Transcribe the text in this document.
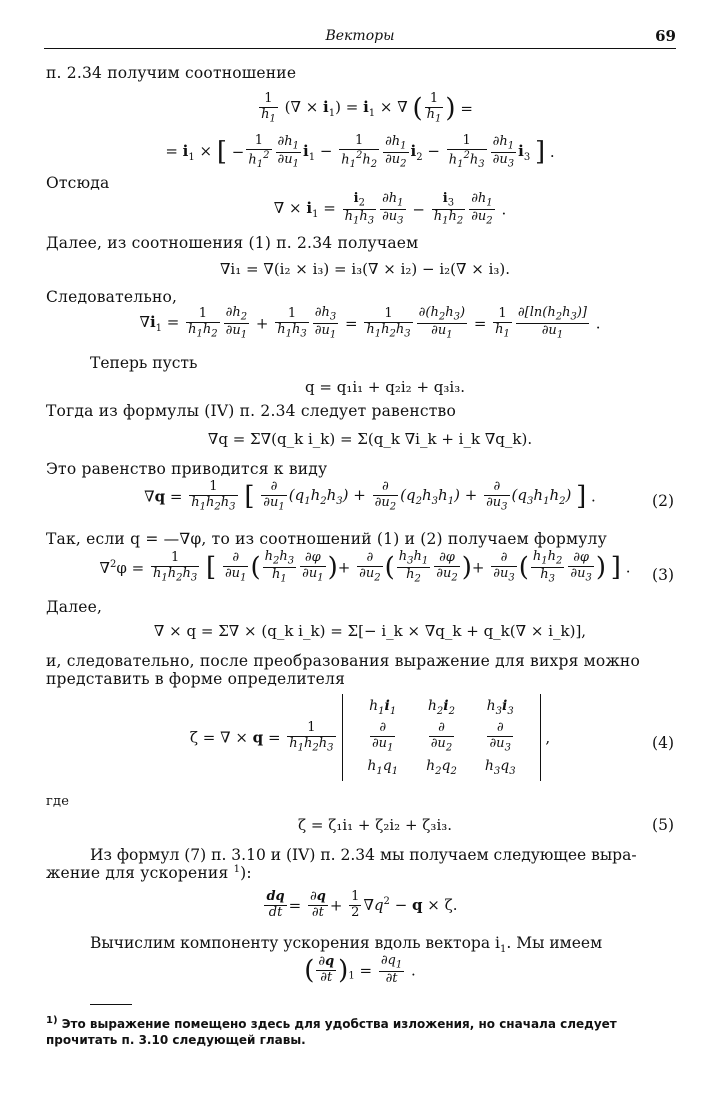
Векторы	69
п. 2.34 получим соотношение
$\frac{1}{h_1}$ (∇ × $i_1) = i_1$ × ∇ ( $\frac{1}{h_1}$ ) =
= $i_1$ × [ − $\frac{1}{h_1^2} \frac{\partial h_1}{\partial u_1} i_1 - \frac{1}{h_1^2h_2} \frac{\partial h_1}{\partial u_2} i_2 - \frac{1}{h_1^2h_3} \frac{\partial h_1}{\partial u_3} i_3$ ] .
Отсюда
∇ × $i_1 = \frac{i_2}{h_1h_3} \frac{\partial h_1}{\partial u_3} - \frac{i_3}{h_1h_2} \frac{\partial h_1}{\partial u_2}$ .
Далее, из соотношения (1) п. 2.34 получаем
∇i₁ = ∇(i₂ × i₃) = i₃(∇ × i₂) − i₂(∇ × i₃).
Следовательно,
$\nabla i_1 = \frac{1}{h_1h_2} \frac{\partial h_2}{\partial u_1} + \frac{1}{h_1h_3} \frac{\partial h_3}{\partial u_1} = \frac{1}{h_1h_2h_3} \frac{\partial(h_2h_3)}{\partial u_1} = \frac{1}{h_1} \frac{\partial[\ln(h_2h_3)]}{\partial u_1}$ .
Теперь пусть
q = q₁i₁ + q₂i₂ + q₃i₃.
Тогда из формулы (IV) п. 2.34 следует равенство
∇q = Σ∇(q_k i_k) = Σ(q_k ∇i_k + i_k ∇q_k).
Это равенство приводится к виду
$\nabla q = \frac{1}{h_1h_2h_3}$ [ $\frac{\partial}{\partial u_1} (q_1h_2h_3) + \frac{\partial}{\partial u_2} (q_2h_3h_1) + \frac{\partial}{\partial u_3} (q_3h_1h_2)$ ] .	(2)
Так, если q = —∇φ, то из соотношений (1) и (2) получаем формулу
$\nabla^2\varphi = \frac{1}{h_1h_2h_3}$ [ $\frac{\partial}{\partial u_1}$ ( $\frac{h_2h_3}{h_1} \frac{\partial\varphi}{\partial u_1}$ )+ $\frac{\partial}{\partial u_2}$ ( $\frac{h_3h_1}{h_2} \frac{\partial\varphi}{\partial u_2}$ )+ $\frac{\partial}{\partial u_3}$ ( $\frac{h_1h_2}{h_3} \frac{\partial\varphi}{\partial u_3}$ ) ] .	(3)
Далее,
∇ × q = Σ∇ × (q_k i_k) = Σ[− i_k × ∇q_k + q_k(∇ × i_k)],
и, следовательно, после преобразования выражение для вихря можно
представить в форме определителя
ζ = ∇ × $q = \frac{1}{h_1h_2h_3}$

$h_1i_1$	$h_2i_2$	$h_3i_3$

$\frac{\partial}{\partial u_1}$	$\frac{\partial}{\partial u_2}$	$\frac{\partial}{\partial u_3}$

$h_1q_1$	$h_2q_2$	$h_3q_3$
,	(4)
где
ζ = ζ₁i₁ + ζ₂i₂ + ζ₃i₃.	(5)
Из формул (7) п. 3.10 и (IV) п. 2.34 мы получаем следующее выра-
жение для ускорения $^1$):
$\frac{dq}{dt} = \frac{\partial q}{\partial t} + \frac{1}{2} \nabla q^2 - q \times \zeta$.
Вычислим компоненту ускорения вдоль вектора $i_1$. Мы имеем
( $\frac{\partial q}{\partial t} )_1 = \frac{\partial q_1}{\partial t}$ .
$^{1)}$ Это выражение помещено здесь для удобства изложения, но сначала следует прочитать п. 3.10 следующей главы.
